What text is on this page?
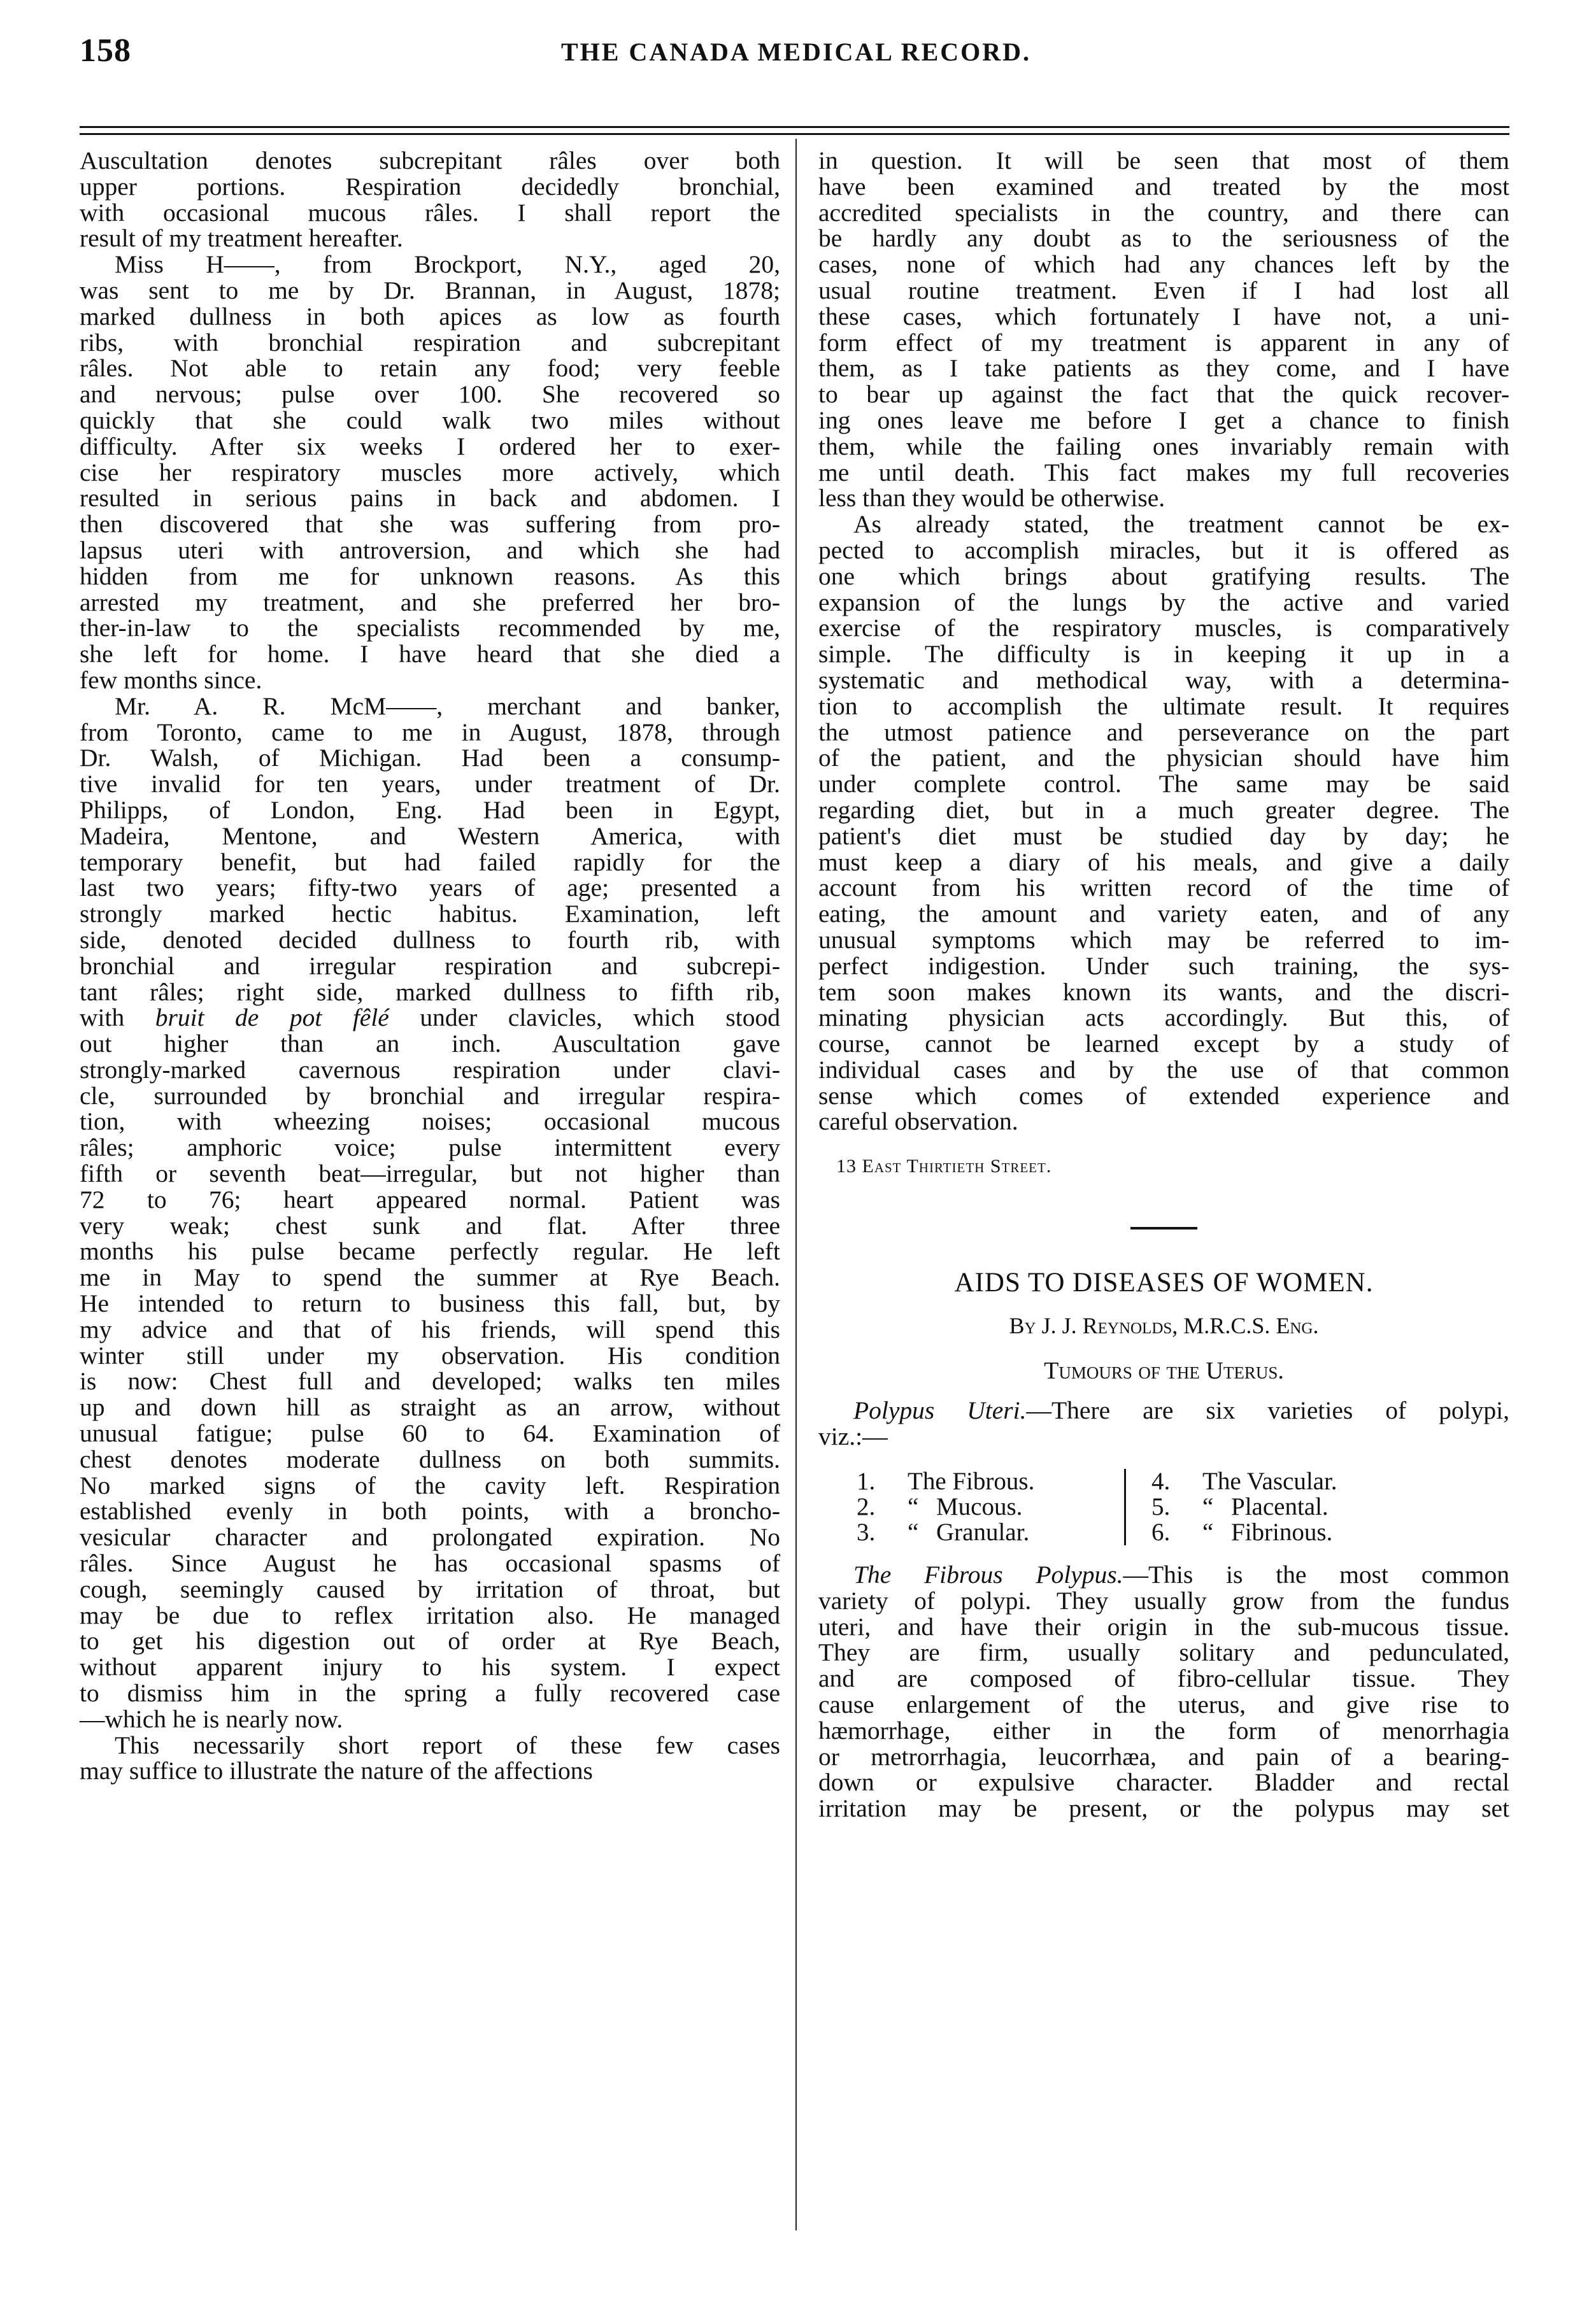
158	THE CANADA MEDICAL RECORD.
Auscultation denotes subcrepitant râles over both
upper portions. Respiration decidedly bronchial,
with occasional mucous râles. I shall report the
result of my treatment hereafter.
Miss H——, from Brockport, N.Y., aged 20,
was sent to me by Dr. Brannan, in August, 1878;
marked dullness in both apices as low as fourth
ribs, with bronchial respiration and subcrepitant
râles. Not able to retain any food; very feeble
and nervous; pulse over 100. She recovered so
quickly that she could walk two miles without
difficulty. After six weeks I ordered her to exer-
cise her respiratory muscles more actively, which
resulted in serious pains in back and abdomen. I
then discovered that she was suffering from pro-
lapsus uteri with antroversion, and which she had
hidden from me for unknown reasons. As this
arrested my treatment, and she preferred her bro-
ther-in-law to the specialists recommended by me,
she left for home. I have heard that she died a
few months since.
Mr. A. R. McM——, merchant and banker,
from Toronto, came to me in August, 1878, through
Dr. Walsh, of Michigan. Had been a consump-
tive invalid for ten years, under treatment of Dr.
Philipps, of London, Eng. Had been in Egypt,
Madeira, Mentone, and Western America, with
temporary benefit, but had failed rapidly for the
last two years; fifty-two years of age; presented a
strongly marked hectic habitus. Examination, left
side, denoted decided dullness to fourth rib, with
bronchial and irregular respiration and subcrepi-
tant râles; right side, marked dullness to fifth rib,
with bruit de pot fêlé under clavicles, which stood
out higher than an inch. Auscultation gave
strongly-marked cavernous respiration under clavi-
cle, surrounded by bronchial and irregular respira-
tion, with wheezing noises; occasional mucous
râles; amphoric voice; pulse intermittent every
fifth or seventh beat—irregular, but not higher than
72 to 76; heart appeared normal. Patient was
very weak; chest sunk and flat. After three
months his pulse became perfectly regular. He left
me in May to spend the summer at Rye Beach.
He intended to return to business this fall, but, by
my advice and that of his friends, will spend this
winter still under my observation. His condition
is now: Chest full and developed; walks ten miles
up and down hill as straight as an arrow, without
unusual fatigue; pulse 60 to 64. Examination of
chest denotes moderate dullness on both summits.
No marked signs of the cavity left. Respiration
established evenly in both points, with a broncho-
vesicular character and prolongated expiration. No
râles. Since August he has occasional spasms of
cough, seemingly caused by irritation of throat, but
may be due to reflex irritation also. He managed
to get his digestion out of order at Rye Beach,
without apparent injury to his system. I expect
to dismiss him in the spring a fully recovered case
—which he is nearly now.
This necessarily short report of these few cases
may suffice to illustrate the nature of the affections
in question. It will be seen that most of them
have been examined and treated by the most
accredited specialists in the country, and there can
be hardly any doubt as to the seriousness of the
cases, none of which had any chances left by the
usual routine treatment. Even if I had lost all
these cases, which fortunately I have not, a uni-
form effect of my treatment is apparent in any of
them, as I take patients as they come, and I have
to bear up against the fact that the quick recover-
ing ones leave me before I get a chance to finish
them, while the failing ones invariably remain with
me until death. This fact makes my full recoveries
less than they would be otherwise.
As already stated, the treatment cannot be ex-
pected to accomplish miracles, but it is offered as
one which brings about gratifying results. The
expansion of the lungs by the active and varied
exercise of the respiratory muscles, is comparatively
simple. The difficulty is in keeping it up in a
systematic and methodical way, with a determina-
tion to accomplish the ultimate result. It requires
the utmost patience and perseverance on the part
of the patient, and the physician should have him
under complete control. The same may be said
regarding diet, but in a much greater degree. The
patient's diet must be studied day by day; he
must keep a diary of his meals, and give a daily
account from his written record of the time of
eating, the amount and variety eaten, and of any
unusual symptoms which may be referred to im-
perfect indigestion. Under such training, the sys-
tem soon makes known its wants, and the discri-
minating physician acts accordingly. But this, of
course, cannot be learned except by a study of
individual cases and by the use of that common
sense which comes of extended experience and
careful observation.
13 East Thirtieth Street.
AIDS TO DISEASES OF WOMEN.
By J. J. Reynolds, M.R.C.S. Eng.
Tumours of the Uterus.
Polypus Uteri.—There are six varieties of polypi,
viz.:—
1.	The Fibrous.
2.	“ Mucous.
3.	“ Granular.
4.	The Vascular.
5.	“ Placental.
6.	“ Fibrinous.
The Fibrous Polypus.—This is the most common
variety of polypi. They usually grow from the fundus
uteri, and have their origin in the sub-mucous tissue.
They are firm, usually solitary and pedunculated,
and are composed of fibro-cellular tissue. They
cause enlargement of the uterus, and give rise to
hæmorrhage, either in the form of menorrhagia
or metrorrhagia, leucorrhæa, and pain of a bearing-
down or expulsive character. Bladder and rectal
irritation may be present, or the polypus may set
